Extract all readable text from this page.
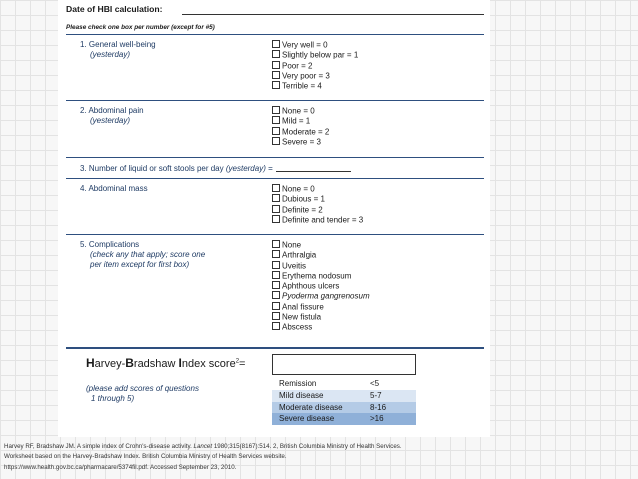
Date of HBI calculation:
Please check one box per number (except for #5)
1. General well-being
(yesterday)
Very well = 0
Slightly below par = 1
Poor = 2
Very poor = 3
Terrible = 4
2. Abdominal pain
(yesterday)
None = 0
Mild = 1
Moderate = 2
Severe = 3
3. Number of liquid or soft stools per day (yesterday) =
4. Abdominal mass	None = 0
Dubious = 1
Definite = 2
Definite and tender = 3
5. Complications
(check any that apply; score one
per item except for first box)
None
Arthralgia
Uveitis
Erythema nodosum
Aphthous ulcers
Pyoderma gangrenosum
Anal fissure
New fistula
Abscess
Harvey-Bradshaw Index score$^2$=
(please add scores of questions
1 through 5)
Remission	<5
Mild disease	5-7
Moderate disease	8-16
Severe disease	>16
Harvey RF, Bradshaw JM. A simple index of Crohn's-disease activity. Lancet 1980;315(8167):514. 2, British Columbia Ministry of Health Services.
Worksheet based on the Harvey-Bradshaw Index. British Columbia Ministry of Health Services website.
https://www.health.gov.bc.ca/pharmacare/5374fil.pdf. Accessed September 23, 2010.
